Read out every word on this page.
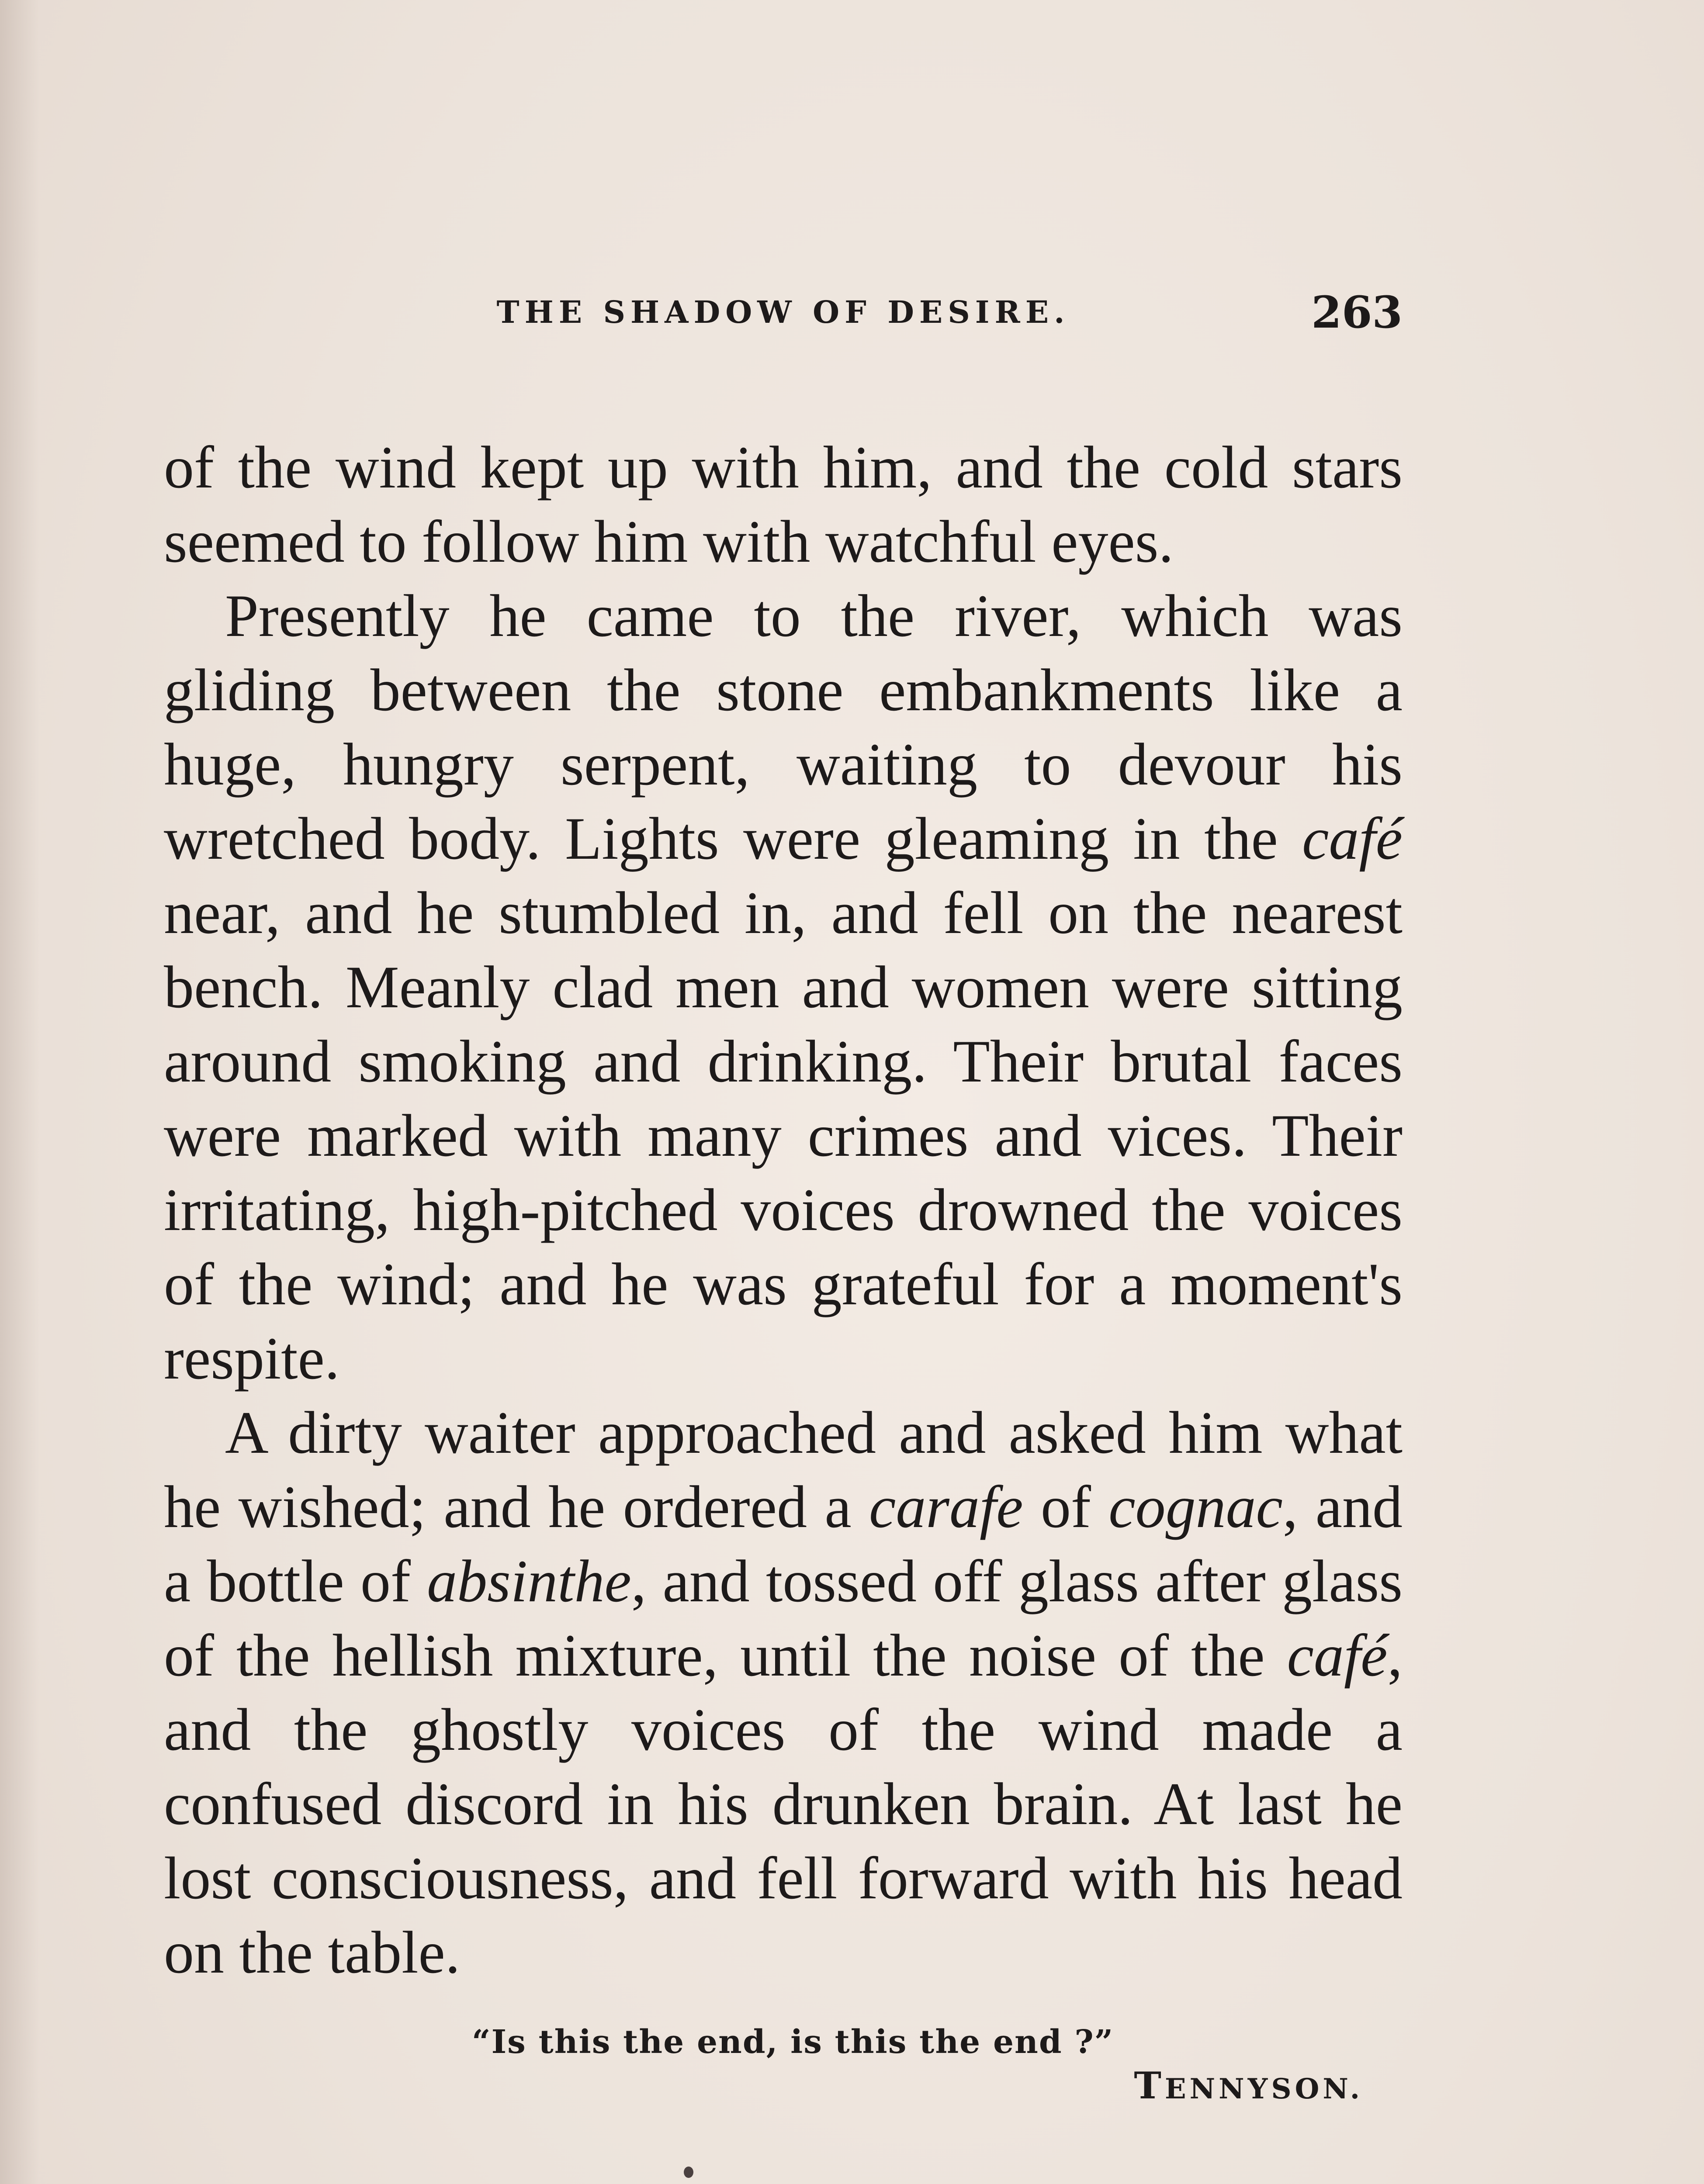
THE SHADOW OF DESIRE.	263

of the wind kept up with him, and the cold stars seemed to follow him with watchful eyes.

Presently he came to the river, which was gliding between the stone embankments like a huge, hungry serpent, waiting to devour his wretched body. Lights were gleaming in the café near, and he stumbled in, and fell on the nearest bench. Meanly clad men and women were sitting around smoking and drinking. Their brutal faces were marked with many crimes and vices. Their irritating, high-pitched voices drowned the voices of the wind; and he was grateful for a moment's respite.

A dirty waiter approached and asked him what he wished; and he ordered a carafe of cognac, and a bottle of absinthe, and tossed off glass after glass of the hellish mixture, until the noise of the café, and the ghostly voices of the wind made a confused discord in his drunken brain. At last he lost consciousness, and fell forward with his head on the table.

“Is this the end, is this the end ?”
TENNYSON.
